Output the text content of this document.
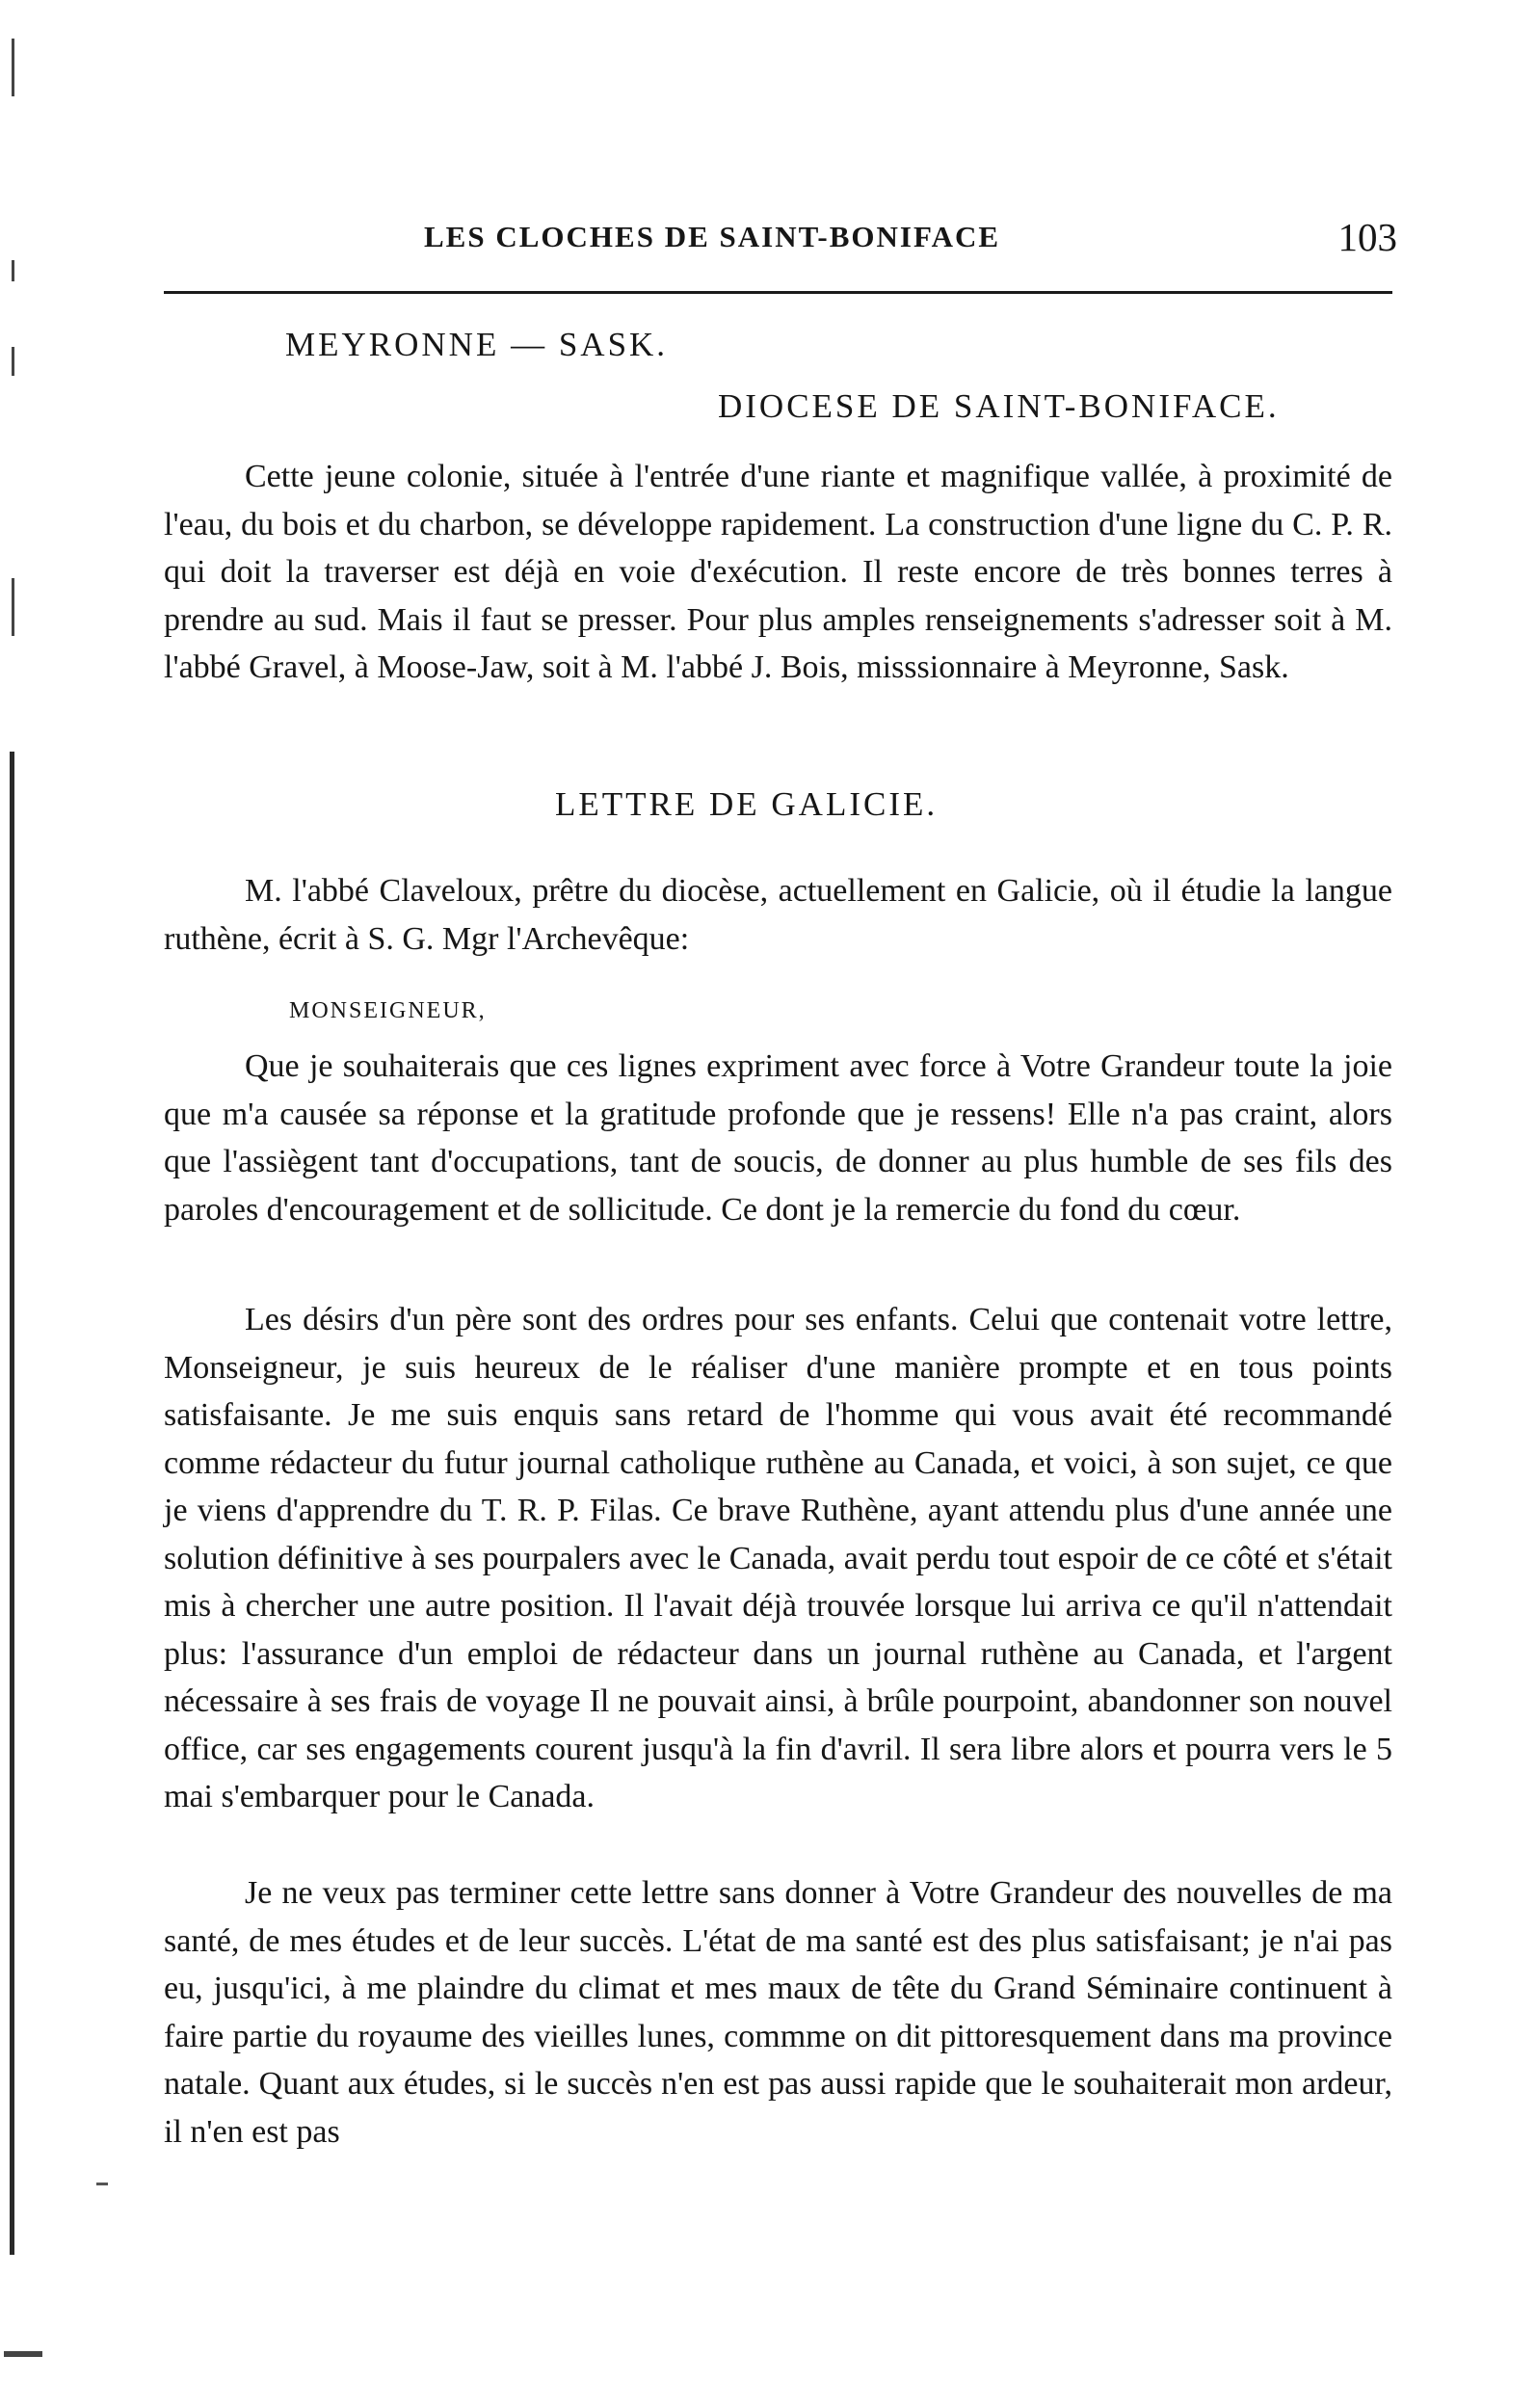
LES CLOCHES DE SAINT-BONIFACE	103
MEYRONNE — SASK.
DIOCESE DE SAINT-BONIFACE.

Cette jeune colonie, située à l'entrée d'une riante et magnifique vallée, à proximité de l'eau, du bois et du charbon, se développe rapidement. La construction d'une ligne du C. P. R. qui doit la traverser est déjà en voie d'exécution. Il reste encore de très bonnes terres à prendre au sud. Mais il faut se presser. Pour plus amples renseignements s'adresser soit à M. l'abbé Gravel, à Moose-Jaw, soit à M. l'abbé J. Bois, misssionnaire à Meyronne, Sask.

LETTRE DE GALICIE.

M. l'abbé Claveloux, prêtre du diocèse, actuellement en Galicie, où il étudie la langue ruthène, écrit à S. G. Mgr l'Archevêque:

MONSEIGNEUR,

Que je souhaiterais que ces lignes expriment avec force à Votre Grandeur toute la joie que m'a causée sa réponse et la gratitude profonde que je ressens! Elle n'a pas craint, alors que l'assiègent tant d'occupations, tant de soucis, de donner au plus humble de ses fils des paroles d'encouragement et de sollicitude. Ce dont je la remercie du fond du cœur.

Les désirs d'un père sont des ordres pour ses enfants. Celui que contenait votre lettre, Monseigneur, je suis heureux de le réaliser d'une manière prompte et en tous points satisfaisante. Je me suis enquis sans retard de l'homme qui vous avait été recommandé comme rédacteur du futur journal catholique ruthène au Canada, et voici, à son sujet, ce que je viens d'apprendre du T. R. P. Filas. Ce brave Ruthène, ayant attendu plus d'une année une solution définitive à ses pourpalers avec le Canada, avait perdu tout espoir de ce côté et s'était mis à chercher une autre position. Il l'avait déjà trouvée lorsque lui arriva ce qu'il n'attendait plus: l'assurance d'un emploi de rédacteur dans un journal ruthène au Canada, et l'argent nécessaire à ses frais de voyage Il ne pouvait ainsi, à brûle pourpoint, abandonner son nouvel office, car ses engagements courent jusqu'à la fin d'avril. Il sera libre alors et pourra vers le 5 mai s'embarquer pour le Canada.

Je ne veux pas terminer cette lettre sans donner à Votre Grandeur des nouvelles de ma santé, de mes études et de leur succès. L'état de ma santé est des plus satisfaisant; je n'ai pas eu, jusqu'ici, à me plaindre du climat et mes maux de tête du Grand Séminaire continuent à faire partie du royaume des vieilles lunes, commme on dit pittoresquement dans ma province natale. Quant aux études, si le succès n'en est pas aussi rapide que le souhaiterait mon ardeur, il n'en est pas
